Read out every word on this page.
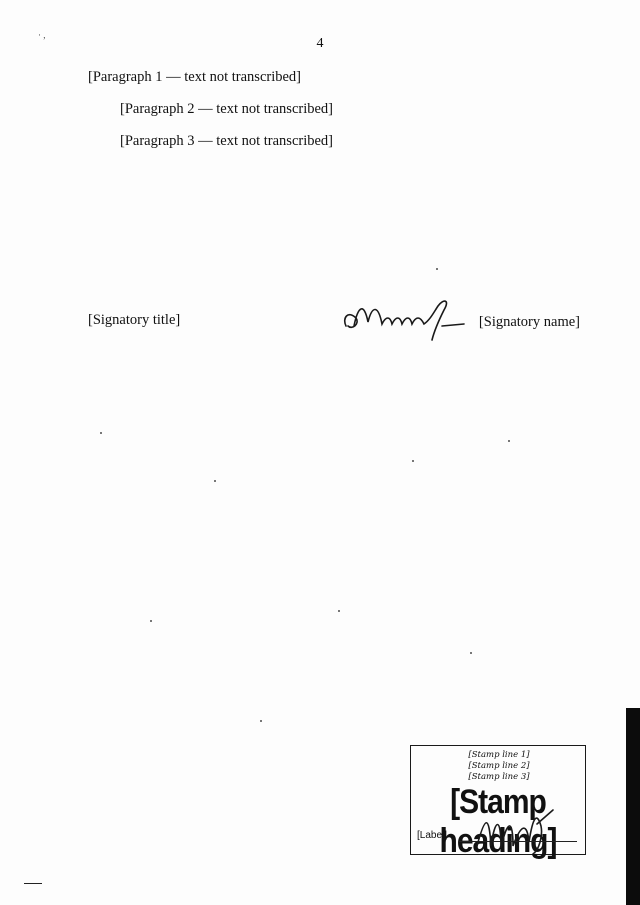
· ,
4

[Paragraph 1 — text not transcribed]

[Paragraph 2 — text not transcribed]

[Paragraph 3 — text not transcribed]

[Signatory title]	[Signatory name]
[Stamp line 1]
[Stamp line 2]
[Stamp line 3]
[Stamp heading]
[Label]
